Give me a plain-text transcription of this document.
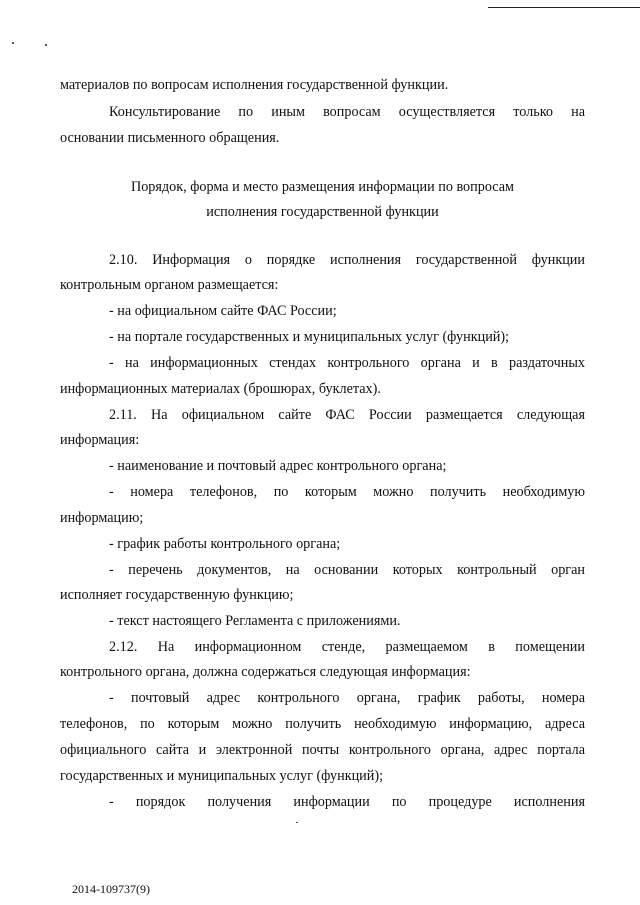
материалов по вопросам исполнения государственной функции.
Консультирование по иным вопросам осуществляется только на
основании письменного обращения.
Порядок, форма и место размещения информации по вопросам
исполнения государственной функции
2.10. Информация о порядке исполнения государственной функции
контрольным органом размещается:
- на официальном сайте ФАС России;
- на портале государственных и муниципальных услуг (функций);
- на информационных стендах контрольного органа и в раздаточных
информационных материалах (брошюрах, буклетах).
2.11. На официальном сайте ФАС России размещается следующая
информация:
- наименование и почтовый адрес контрольного органа;
- номера телефонов, по которым можно получить необходимую
информацию;
- график работы контрольного органа;
- перечень документов, на основании которых контрольный орган
исполняет государственную функцию;
- текст настоящего Регламента с приложениями.
2.12. На информационном стенде, размещаемом в помещении
контрольного органа, должна содержаться следующая информация:
- почтовый адрес контрольного органа, график работы, номера
телефонов, по которым можно получить необходимую информацию, адреса
официального сайта и электронной почты контрольного органа, адрес портала
государственных и муниципальных услуг (функций);
- порядок получения информации по процедуре исполнения
2014-109737(9)
